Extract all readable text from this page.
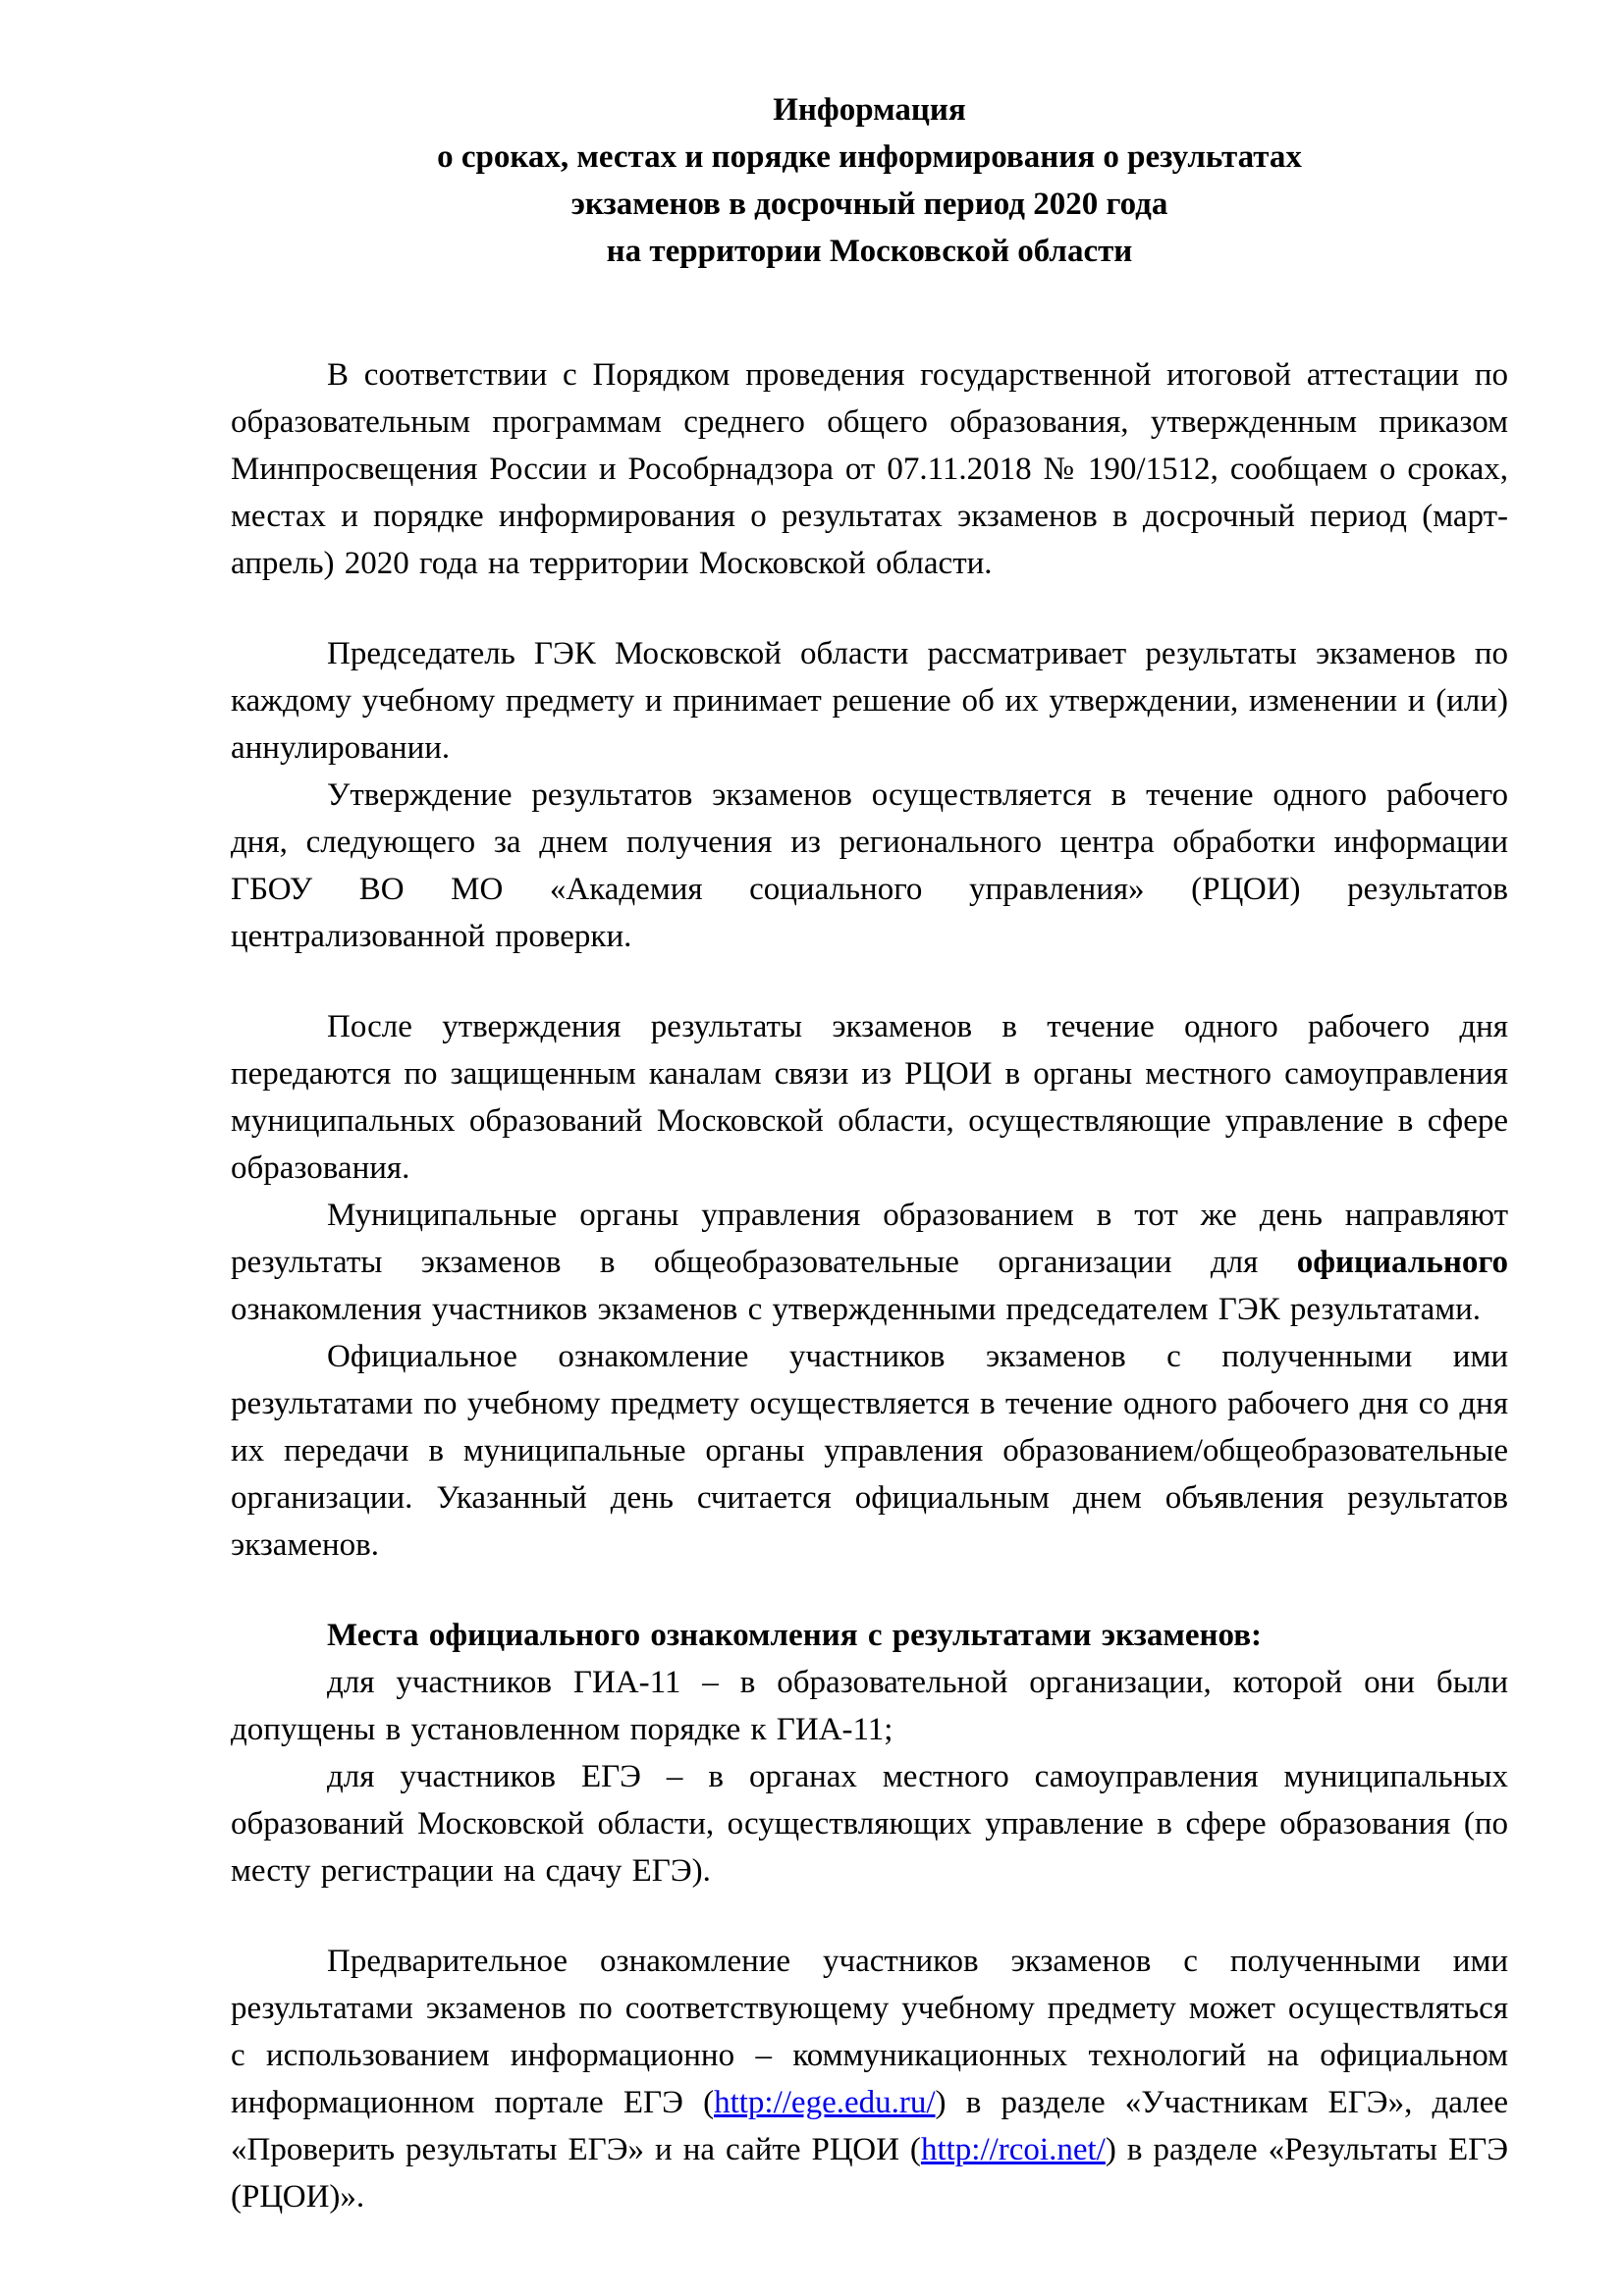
Информация
о сроках, местах и порядке информирования о результатах
экзаменов в досрочный период 2020 года
на территории Московской области

В соответствии с Порядком проведения государственной итоговой аттестации по образовательным программам среднего общего образования, утвержденным приказом Минпросвещения России и Рособрнадзора от 07.11.2018 № 190/1512, сообщаем о сроках, местах и порядке информирования о результатах экзаменов в досрочный период (март-апрель) 2020 года на территории Московской области.

Председатель ГЭК Московской области рассматривает результаты экзаменов по каждому учебному предмету и принимает решение об их утверждении, изменении и (или) аннулировании.

Утверждение результатов экзаменов осуществляется в течение одного рабочего дня, следующего за днем получения из регионального центра обработки информации ГБОУ ВО МО «Академия социального управления» (РЦОИ) результатов централизованной проверки.

После утверждения результаты экзаменов в течение одного рабочего дня передаются по защищенным каналам связи из РЦОИ в органы местного самоуправления муниципальных образований Московской области, осуществляющие управление в сфере образования.

Муниципальные органы управления образованием в тот же день направляют результаты экзаменов в общеобразовательные организации для официального ознакомления участников экзаменов с утвержденными председателем ГЭК результатами.

Официальное ознакомление участников экзаменов с полученными ими результатами по учебному предмету осуществляется в течение одного рабочего дня со дня их передачи в муниципальные органы управления образованием/общеобразовательные организации. Указанный день считается официальным днем объявления результатов экзаменов.

Места официального ознакомления с результатами экзаменов:

для участников ГИА-11 – в образовательной организации, которой они были допущены в установленном порядке к ГИА-11;

для участников ЕГЭ – в органах местного самоуправления муниципальных образований Московской области, осуществляющих управление в сфере образования (по месту регистрации на сдачу ЕГЭ).

Предварительное ознакомление участников экзаменов с полученными ими результатами экзаменов по соответствующему учебному предмету может осуществляться с использованием информационно – коммуникационных технологий на официальном информационном портале ЕГЭ (http://ege.edu.ru/) в разделе «Участникам ЕГЭ», далее «Проверить результаты ЕГЭ» и на сайте РЦОИ (http://rcoi.net/) в разделе «Результаты ЕГЭ (РЦОИ)».
